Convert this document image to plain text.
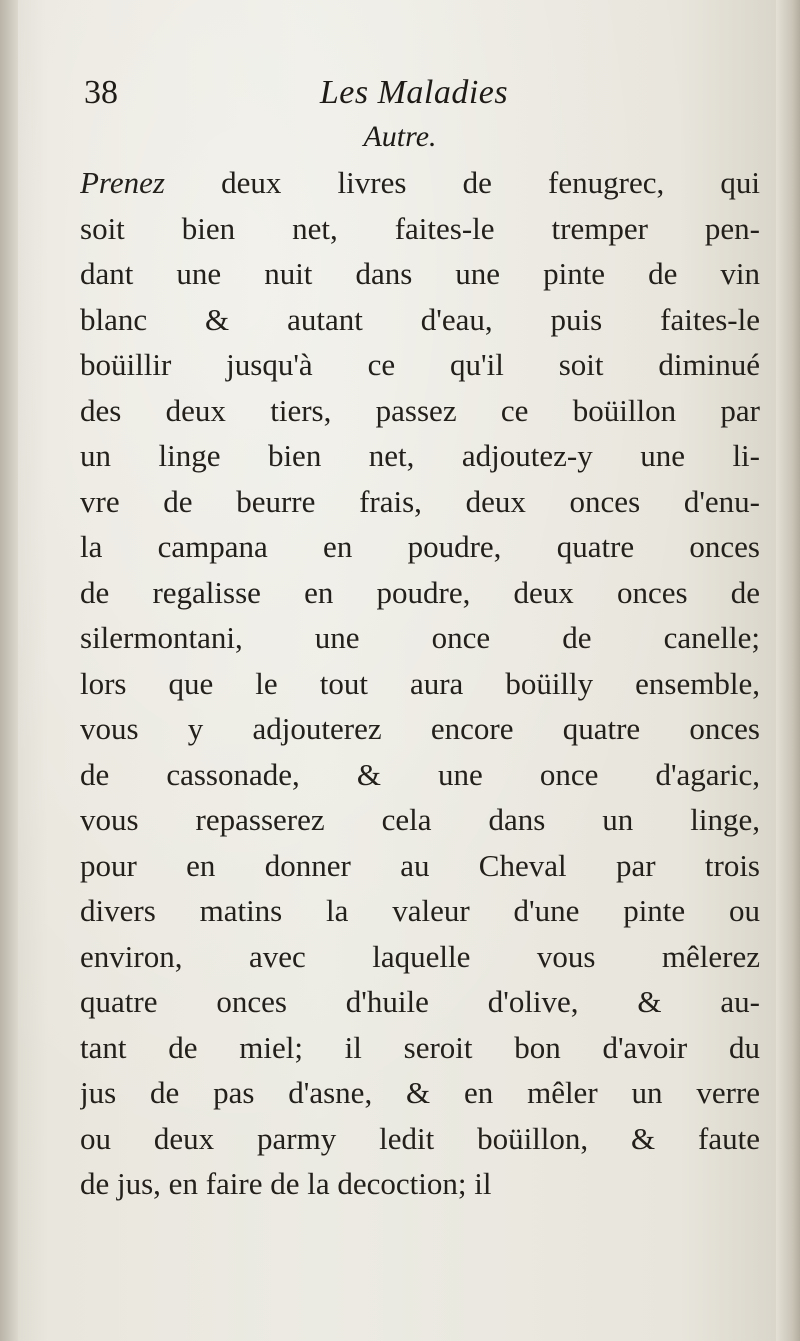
38	Les Maladies
Autre.
Prenez deux livres de fenugrec, qui
soit bien net, faites-le tremper pen-
dant une nuit dans une pinte de vin
blanc & autant d'eau, puis faites-le
boüillir jusqu'à ce qu'il soit diminué
des deux tiers, passez ce boüillon par
un linge bien net, adjoutez-y une li-
vre de beurre frais, deux onces d'enu-
la campana en poudre, quatre onces
de regalisse en poudre, deux onces de
silermontani, une once de canelle;
lors que le tout aura boüilly ensemble,
vous y adjouterez encore quatre onces
de cassonade, & une once d'agaric,
vous repasserez cela dans un linge,
pour en donner au Cheval par trois
divers matins la valeur d'une pinte ou
environ, avec laquelle vous mêlerez
quatre onces d'huile d'olive, & au-
tant de miel; il seroit bon d'avoir du
jus de pas d'asne, & en mêler un verre
ou deux parmy ledit boüillon, & faute
de jus, en faire de la decoction; il
